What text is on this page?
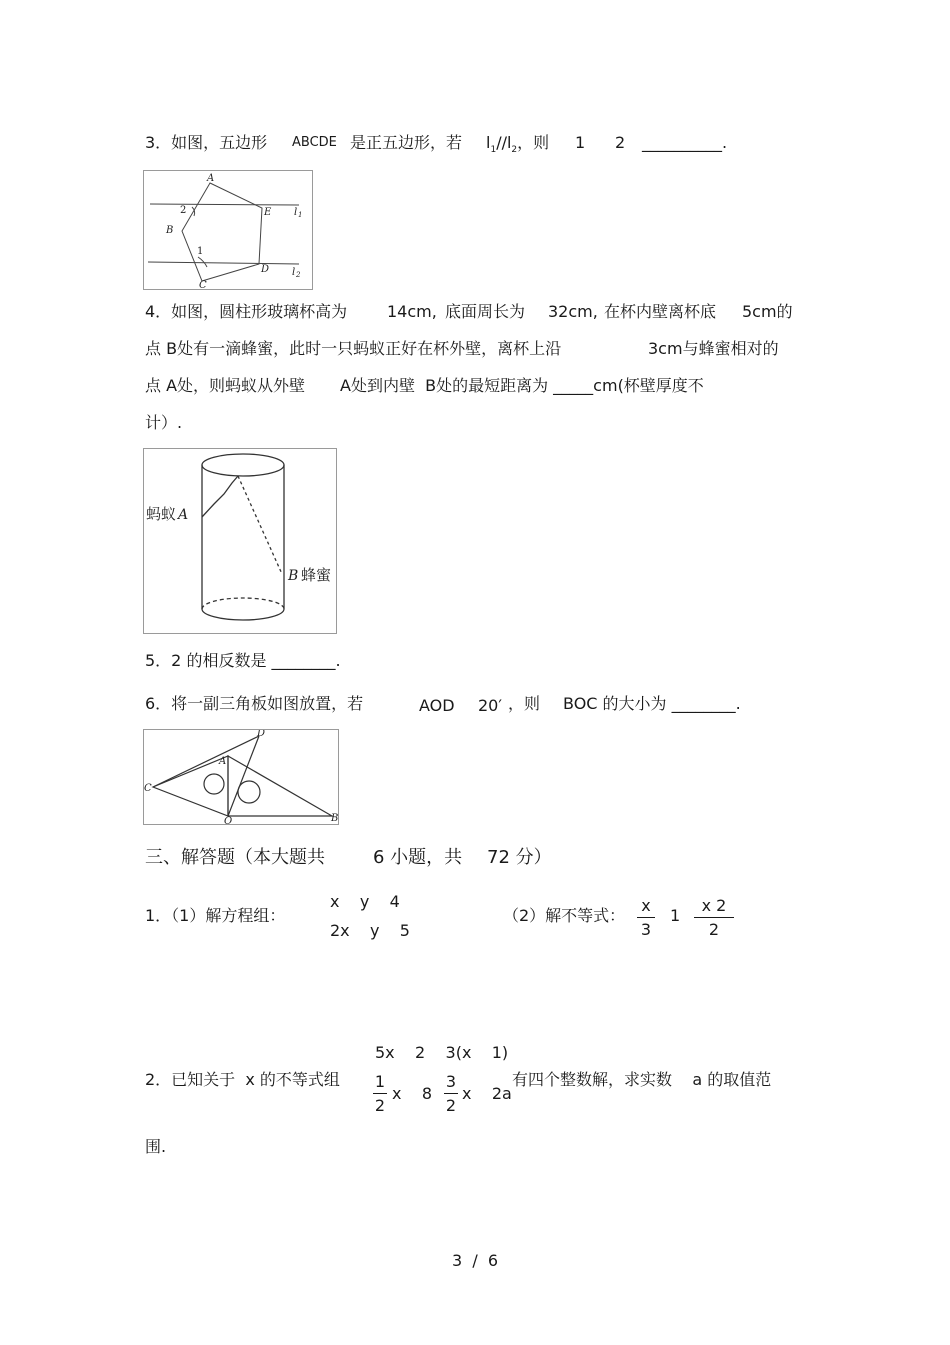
3．如图，五边形 ABCDE 是正五边形，若 $l_1//l_2$，则 1 2 __________.
A
B
C
D
E
1
2	l 1
l 2
4．如图，圆柱形玻璃杯高为 14cm, 底面周长为 32cm, 在杯内壁离杯底 5cm的
点 B处有一滴蜂蜜，此时一只蚂蚁正好在杯外壁，离杯上沿	3cm与蜂蜜相对的
点 A处，则蚂蚁从外壁 A处到内壁  B处的最短距离为 _____cm(杯壁厚度不
计）.
蚂蚁 A
B 蜂蜜
5．2 的相反数是 ________.
6．将一副三角板如图放置，若	AOD 20′ ，则 BOC 的大小为 ________.
D
A
C
O	B
三、解答题（本大题共	6 小题，共 72 分）
1．（1）解方程组：
x    y    4
2x    y    5
（2）解不等式：
x
3
1
x 2
2
5x    2    3(x    1)
2．已知关于  x 的不等式组 1
2
x    8
3
2
x    2a
有四个整数解，求实数    a 的取值范
围.
3  /  6
